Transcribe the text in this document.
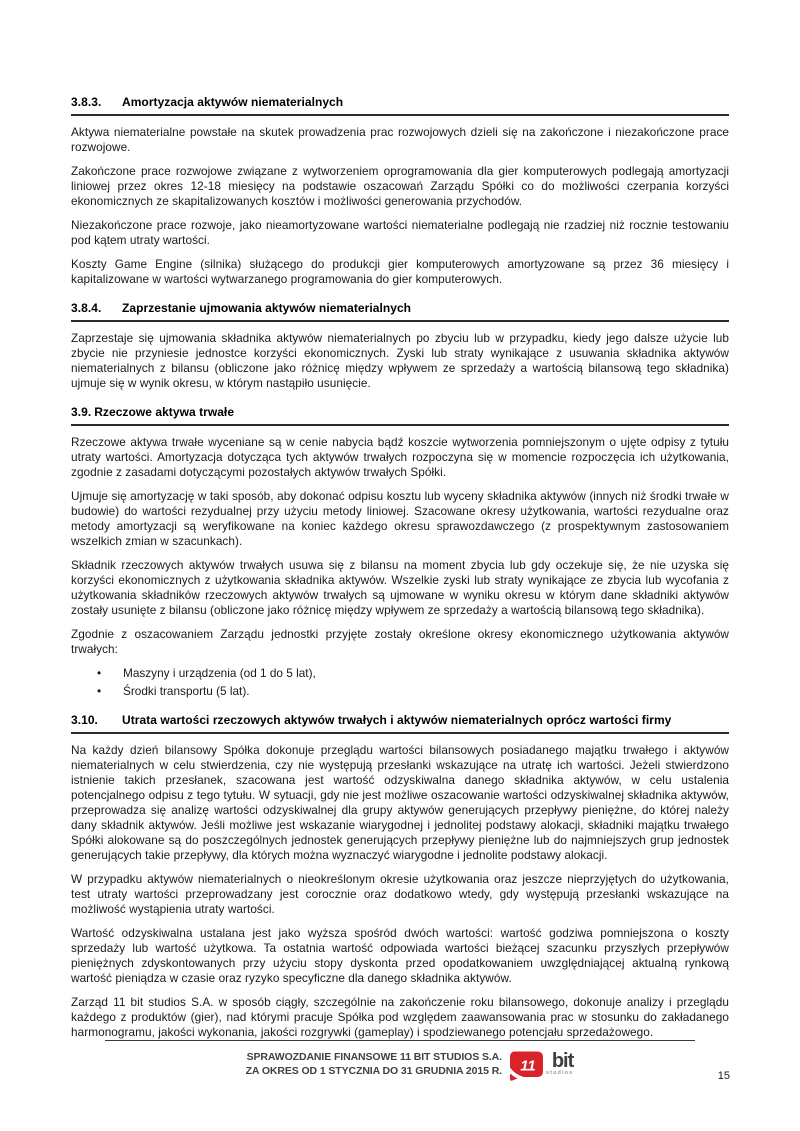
3.8.3. Amortyzacja aktywów niematerialnych

Aktywa niematerialne powstałe na skutek prowadzenia prac rozwojowych dzieli się na zakończone i niezakończone prace rozwojowe.

Zakończone prace rozwojowe związane z wytworzeniem oprogramowania dla gier komputerowych podlegają amortyzacji liniowej przez okres 12-18 miesięcy na podstawie oszacowań Zarządu Spółki co do możliwości czerpania korzyści ekonomicznych ze skapitalizowanych kosztów i możliwości generowania przychodów.

Niezakończone prace rozwoje, jako nieamortyzowane wartości niematerialne podlegają nie rzadziej niż rocznie testowaniu pod kątem utraty wartości.

Koszty Game Engine (silnika) służącego do produkcji gier komputerowych amortyzowane są przez 36 miesięcy i kapitalizowane w wartości wytwarzanego programowania do gier komputerowych.

3.8.4. Zaprzestanie ujmowania aktywów niematerialnych

Zaprzestaje się ujmowania składnika aktywów niematerialnych po zbyciu lub w przypadku, kiedy jego dalsze użycie lub zbycie nie przyniesie jednostce korzyści ekonomicznych. Zyski lub straty wynikające z usuwania składnika aktywów niematerialnych z bilansu (obliczone jako różnicę między wpływem ze sprzedaży a wartością bilansową tego składnika) ujmuje się w wynik okresu, w którym nastąpiło usunięcie.

3.9. Rzeczowe aktywa trwałe

Rzeczowe aktywa trwałe wyceniane są w cenie nabycia bądź koszcie wytworzenia pomniejszonym o ujęte odpisy z tytułu utraty wartości. Amortyzacja dotycząca tych aktywów trwałych rozpoczyna się w momencie rozpoczęcia ich użytkowania, zgodnie z zasadami dotyczącymi pozostałych aktywów trwałych Spółki.

Ujmuje się amortyzację w taki sposób, aby dokonać odpisu kosztu lub wyceny składnika aktywów (innych niż środki trwałe w budowie) do wartości rezydualnej przy użyciu metody liniowej. Szacowane okresy użytkowania, wartości rezydualne oraz metody amortyzacji są weryfikowane na koniec każdego okresu sprawozdawczego (z prospektywnym zastosowaniem wszelkich zmian w szacunkach).

Składnik rzeczowych aktywów trwałych usuwa się z bilansu na moment zbycia lub gdy oczekuje się, że nie uzyska się korzyści ekonomicznych z użytkowania składnika aktywów. Wszelkie zyski lub straty wynikające ze zbycia lub wycofania z użytkowania składników rzeczowych aktywów trwałych są ujmowane w wyniku okresu w którym dane składniki aktywów zostały usunięte z bilansu (obliczone jako różnicę między wpływem ze sprzedaży a wartością bilansową tego składnika).

Zgodnie z oszacowaniem Zarządu jednostki przyjęte zostały określone okresy ekonomicznego użytkowania aktywów trwałych:

• Maszyny i urządzenia (od 1 do 5 lat),
• Środki transportu (5 lat).
3.10. Utrata wartości rzeczowych aktywów trwałych i aktywów niematerialnych oprócz wartości firmy

Na każdy dzień bilansowy Spółka dokonuje przeglądu wartości bilansowych posiadanego majątku trwałego i aktywów niematerialnych w celu stwierdzenia, czy nie występują przesłanki wskazujące na utratę ich wartości. Jeżeli stwierdzono istnienie takich przesłanek, szacowana jest wartość odzyskiwalna danego składnika aktywów, w celu ustalenia potencjalnego odpisu z tego tytułu. W sytuacji, gdy nie jest możliwe oszacowanie wartości odzyskiwalnej składnika aktywów, przeprowadza się analizę wartości odzyskiwalnej dla grupy aktywów generujących przepływy pieniężne, do której należy dany składnik aktywów. Jeśli możliwe jest wskazanie wiarygodnej i jednolitej podstawy alokacji, składniki majątku trwałego Spółki alokowane są do poszczególnych jednostek generujących przepływy pieniężne lub do najmniejszych grup jednostek generujących takie przepływy, dla których można wyznaczyć wiarygodne i jednolite podstawy alokacji.

W przypadku aktywów niematerialnych o nieokreślonym okresie użytkowania oraz jeszcze nieprzyjętych do użytkowania, test utraty wartości przeprowadzany jest corocznie oraz dodatkowo wtedy, gdy występują przesłanki wskazujące na możliwość wystąpienia utraty wartości.

Wartość odzyskiwalna ustalana jest jako wyższa spośród dwóch wartości: wartość godziwa pomniejszona o koszty sprzedaży lub wartość użytkowa. Ta ostatnia wartość odpowiada wartości bieżącej szacunku przyszłych przepływów pieniężnych zdyskontowanych przy użyciu stopy dyskonta przed opodatkowaniem uwzględniającej aktualną rynkową wartość pieniądza w czasie oraz ryzyko specyficzne dla danego składnika aktywów.

Zarząd 11 bit studios S.A. w sposób ciągły, szczególnie na zakończenie roku bilansowego, dokonuje analizy i przeglądu każdego z produktów (gier), nad którymi pracuje Spółka pod względem zaawansowania prac w stosunku do zakładanego harmonogramu, jakości wykonania, jakości rozgrywki (gameplay) i spodziewanego potencjału sprzedażowego.

SPRAWOZDANIE FINANSOWE 11 BIT STUDIOS S.A.
ZA OKRES OD 1 STYCZNIA DO 31 GRUDNIA 2015 R. 11 bit
studios	15
